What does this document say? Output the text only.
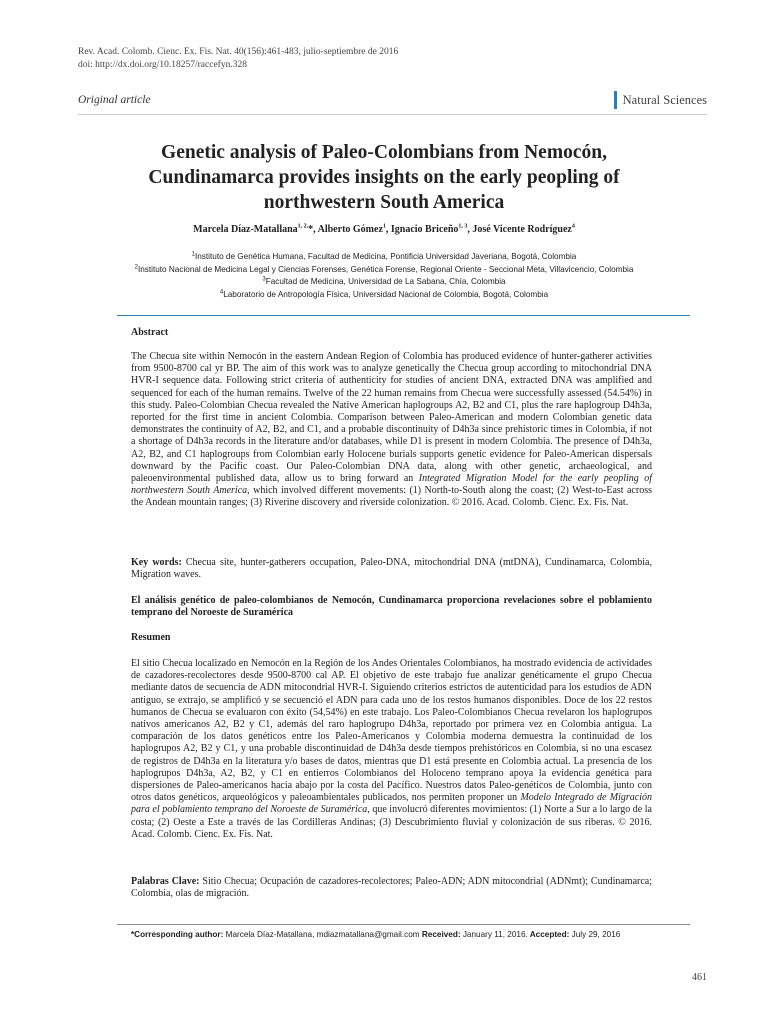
Rev. Acad. Colomb. Cienc. Ex. Fis. Nat. 40(156):461-483, julio-septiembre de 2016
doi: http://dx.doi.org/10.18257/raccefyn.328
Original article	Natural Sciences
Genetic analysis of Paleo-Colombians from Nemocón, Cundinamarca provides insights on the early peopling of northwestern South America
Marcela Díaz-Matallana$^{1, 2,}$*, Alberto Gómez$^1$, Ignacio Briceño$^{1, 3}$, José Vicente Rodríguez$^4$
$^1$Instituto de Genética Humana, Facultad de Medicina, Pontificia Universidad Javeriana, Bogotá, Colombia
$^2$Instituto Nacional de Medicina Legal y Ciencias Forenses, Genética Forense, Regional Oriente - Seccional Meta, Villavicencio, Colombia
$^3$Facultad de Medicina, Universidad de La Sabana, Chía, Colombia
$^4$Laboratorio de Antropología Física, Universidad Nacional de Colombia, Bogotá, Colombia
Abstract
The Checua site within Nemocón in the eastern Andean Region of Colombia has produced evidence of hunter-gatherer activities from 9500-8700 cal yr BP. The aim of this work was to analyze genetically the Checua group according to mitochondrial DNA HVR-I sequence data. Following strict criteria of authenticity for studies of ancient DNA, extracted DNA was amplified and sequenced for each of the human remains. Twelve of the 22 human remains from Checua were successfully assessed (54.54%) in this study. Paleo-Colombian Checua revealed the Native American haplogroups A2, B2 and C1, plus the rare haplogroup D4h3a, reported for the first time in ancient Colombia. Comparison between Paleo-American and modern Colombian genetic data demonstrates the continuity of A2, B2, and C1, and a probable discontinuity of D4h3a since prehistoric times in Colombia, if not a shortage of D4h3a records in the literature and/or databases, while D1 is present in modern Colombia. The presence of D4h3a, A2, B2, and C1 haplogroups from Colombian early Holocene burials supports genetic evidence for Paleo-American dispersals downward by the Pacific coast. Our Paleo-Colombian DNA data, along with other genetic, archaeological, and paleoenvironmental published data, allow us to bring forward an Integrated Migration Model for the early peopling of northwestern South America, which involved different movements: (1) North-to-South along the coast; (2) West-to-East across the Andean mountain ranges; (3) Riverine discovery and riverside colonization. © 2016. Acad. Colomb. Cienc. Ex. Fis. Nat.
Key words: Checua site, hunter-gatherers occupation, Paleo-DNA, mitochondrial DNA (mtDNA), Cundinamarca, Colombia, Migration waves.
El análisis genético de paleo-colombianos de Nemocón, Cundinamarca proporciona revelaciones sobre el poblamiento temprano del Noroeste de Suramérica
Resumen
El sitio Checua localizado en Nemocón en la Región de los Andes Orientales Colombianos, ha mostrado evidencia de actividades de cazadores-recolectores desde 9500-8700 cal AP. El objetivo de este trabajo fue analizar genéticamente el grupo Checua mediante datos de secuencia de ADN mitocondrial HVR-I. Siguiendo criterios estrictos de autenticidad para los estudios de ADN antiguo, se extrajo, se amplificó y se secuenció el ADN para cada uno de los restos humanos disponibles. Doce de los 22 restos humanos de Checua se evaluaron con éxito (54,54%) en este trabajo. Los Paleo-Colombianos Checua revelaron los haplogrupos nativos americanos A2, B2 y C1, además del raro haplogrupo D4h3a, reportado por primera vez en Colombia antigua. La comparación de los datos genéticos entre los Paleo-Americanos y Colombia moderna demuestra la continuidad de los haplogrupos A2, B2 y C1, y una probable discontinuidad de D4h3a desde tiempos prehistóricos en Colombia, si no una escasez de registros de D4h3a en la literatura y/o bases de datos, mientras que D1 está presente en Colombia actual. La presencia de los haplogrupos D4h3a, A2, B2, y C1 en entierros Colombianos del Holoceno temprano apoya la evidencia genética para dispersiones de Paleo-americanos hacia abajo por la costa del Pacífico. Nuestros datos Paleo-genéticos de Colombia, junto con otros datos genéticos, arqueológicos y paleoambientales publicados, nos permiten proponer un Modelo Integrado de Migración para el poblamiento temprano del Noroeste de Suramérica, que involucró diferentes movimientos: (1) Norte a Sur a lo largo de la costa; (2) Oeste a Este a través de las Cordilleras Andinas; (3) Descubrimiento fluvial y colonización de sus riberas. © 2016. Acad. Colomb. Cienc. Ex. Fis. Nat.
Palabras Clave: Sitio Checua; Ocupación de cazadores-recolectores; Paleo-ADN; ADN mitocondrial (ADNmt); Cundinamarca; Colombia, olas de migración.
*Corresponding author: Marcela Díaz-Matallana, mdiazmatallana@gmail.com Received: January 11, 2016. Accepted: July 29, 2016
461
